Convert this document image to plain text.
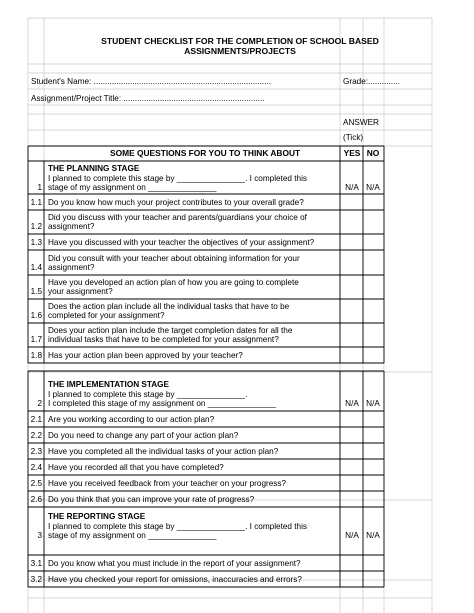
STUDENT CHECKLIST FOR THE COMPLETION OF SCHOOL BASED
ASSIGNMENTS/PROJECTS
Student's Name: ..............................................................................	Grade:..............
Assignment/Project Title: ..............................................................
ANSWER
(Tick)
SOME QUESTIONS FOR YOU TO THINK ABOUT	YES NO
THE PLANNING STAGE
I planned to complete this stage by _______________. I completed this
stage of my assignment on _______________
1	N/A N/A
1.1 Do you know how much your project contributes to your overall grade?
1.2
Did you discuss with your teacher and parents/guardians your choice of
assignment?
1.3 Have you discussed with your teacher the objectives of your assignment?
1.4
Did you consult with your teacher about obtaining information for your
assignment?
1.5
Have you developed an action plan of how you are going to complete
your assignment?
1.6
Does the action plan include all the individual tasks that have to be
completed for your assignment?
1.7
Does your action plan include the target completion dates for all the
individual tasks that have to be completed for your assignment?
1.8 Has your action plan been approved by your teacher?
THE IMPLEMENTATION STAGE
I planned to complete this stage by _______________.
I completed this stage of my assignment on _______________
2	N/A N/A
2.1 Are you working according to our action plan?
2.2 Do you need to change any part of your action plan?
2.3 Have you completed all the individual tasks of your action plan?
2.4 Have you recorded all that you have completed?
2.5 Have you received feedback from your teacher on your progress?
2.6 Do you think that you can improve your rate of progress?
THE REPORTING STAGE
I planned to complete this stage by _______________. I completed this
stage of my assignment on _______________
3	N/A N/A
3.1 Do you know what you must include in the report of your assignment?
3.2 Have you checked your report for omissions, inaccuracies and errors?
